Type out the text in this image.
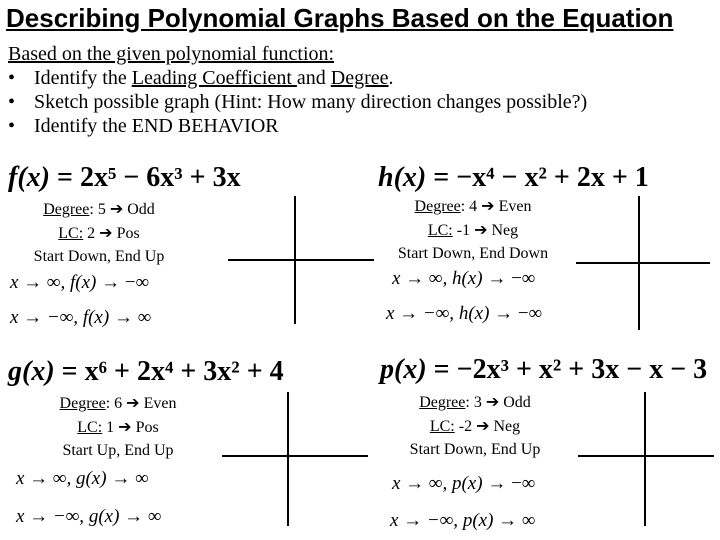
Describing Polynomial Graphs Based on the Equation
Based on the given polynomial function:
• Identify the Leading Coefficient and Degree.
• Sketch possible graph (Hint: How many direction changes possible?)
• Identify the END BEHAVIOR
f(x) = 2x⁵ − 6x³ + 3x
Degree: 5 ➔ Odd
LC: 2 ➔ Pos
Start Down, End Up
x → ∞, f(x) → −∞
x → −∞, f(x) → ∞
h(x) = −x⁴ − x² + 2x + 1
Degree: 4 ➔ Even
LC: -1 ➔ Neg
Start Down, End Down
x → ∞, h(x) → −∞
x → −∞, h(x) → −∞
g(x) = x⁶ + 2x⁴ + 3x² + 4
Degree: 6 ➔ Even
LC: 1 ➔ Pos
Start Up, End Up
x → ∞, g(x) → ∞
x → −∞, g(x) → ∞
p(x) = −2x³ + x² + 3x − x − 3
Degree: 3 ➔ Odd
LC: -2 ➔ Neg
Start Down, End Up
x → ∞, p(x) → −∞
x → −∞, p(x) → ∞
